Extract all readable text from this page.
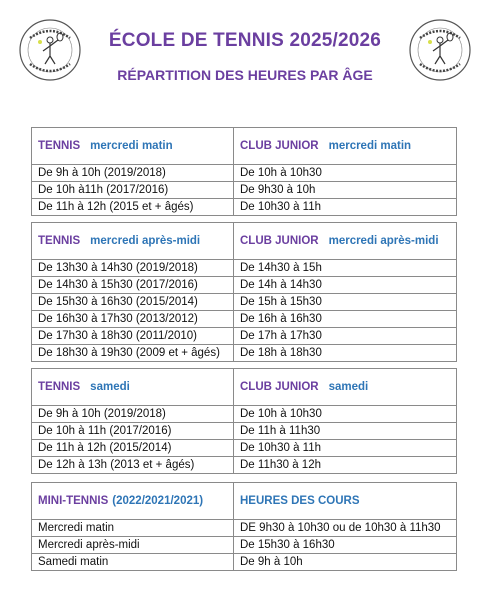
ÉCOLE DE TENNIS 2025/2026
RÉPARTITION DES HEURES PAR ÂGE
TENNIS mercredi matin	CLUB JUNIOR mercredi matin
De 9h à 10h (2019/2018)	De 10h à 10h30
De 10h à11h (2017/2016)	De 9h30 à 10h
De 11h à 12h (2015 et + âgés)	De 10h30 à 11h
TENNIS mercredi après-midi	CLUB JUNIOR mercredi après-midi
De 13h30 à 14h30 (2019/2018)	De 14h30 à 15h
De 14h30 à 15h30 (2017/2016)	De 14h à 14h30
De 15h30 à 16h30 (2015/2014)	De 15h à 15h30
De 16h30 à 17h30 (2013/2012)	De 16h à 16h30
De 17h30 à 18h30 (2011/2010)	De 17h à 17h30
De 18h30 à 19h30 (2009 et + âgés)	De 18h à 18h30
TENNIS samedi	CLUB JUNIOR samedi
De 9h à 10h (2019/2018)	De 10h à 10h30
De 10h à 11h (2017/2016)	De 11h à 11h30
De 11h à 12h (2015/2014)	De 10h30 à 11h
De 12h à 13h (2013 et + âgés)	De 11h30 à 12h
MINI-TENNIS (2022/2021/2021)	HEURES DES COURS
Mercredi matin	DE 9h30 à 10h30 ou de 10h30 à 11h30
Mercredi après-midi	De 15h30 à 16h30
Samedi matin	De 9h à 10h
